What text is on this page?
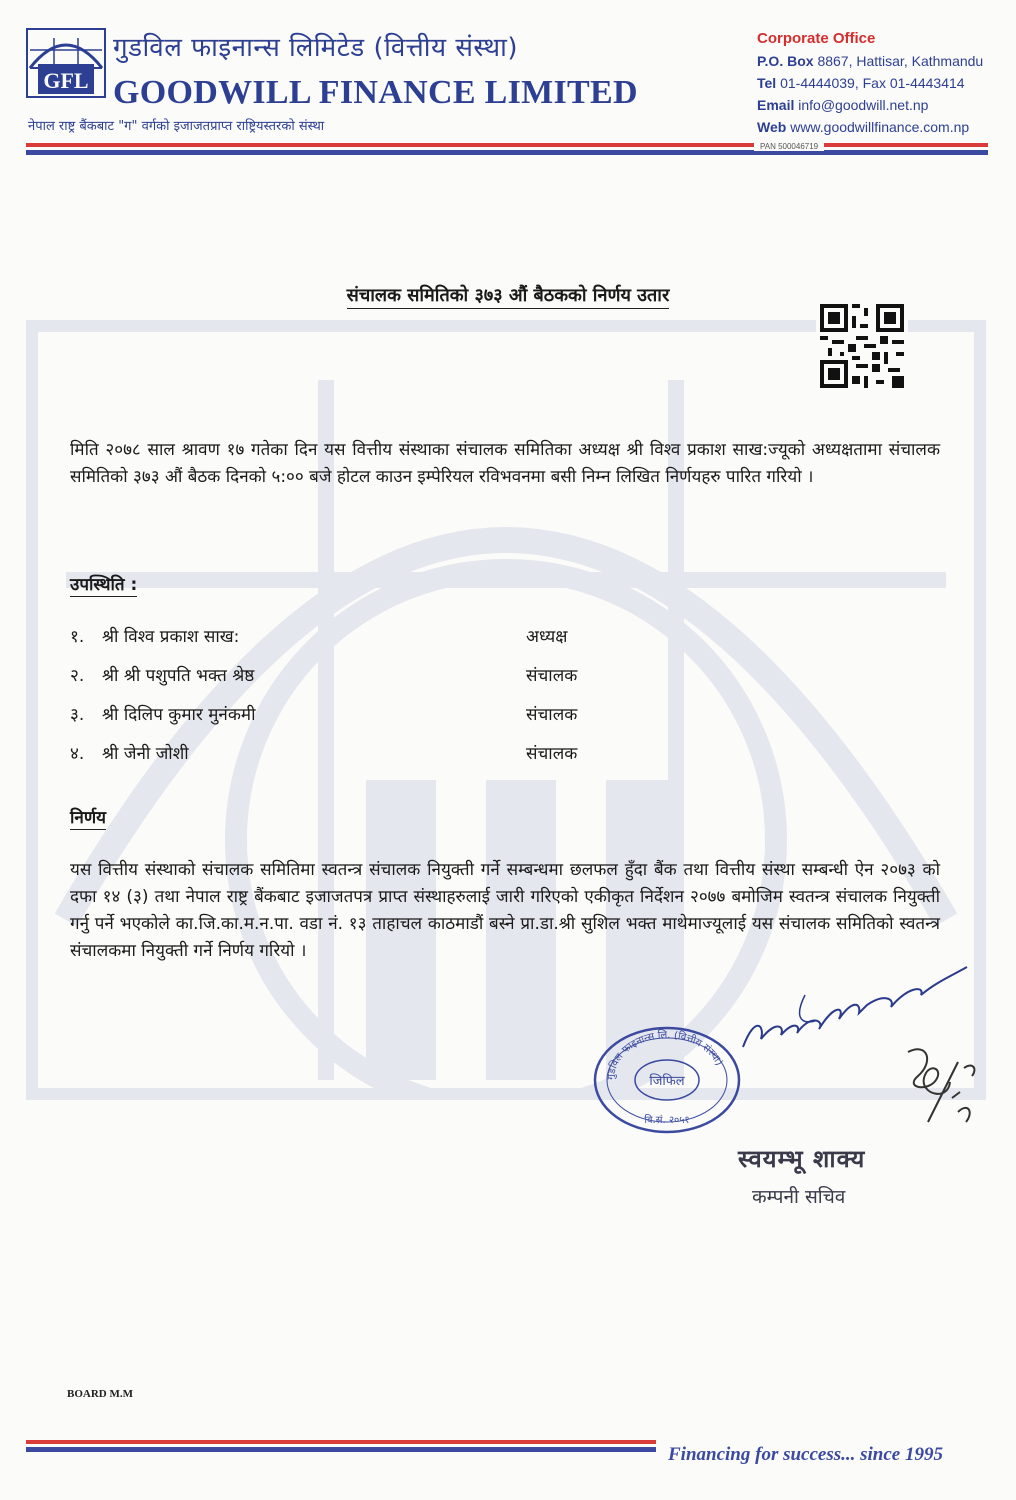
GFL
गुडविल फाइनान्स लिमिटेड (वित्तीय संस्था)
GOODWILL FINANCE LIMITED
नेपाल राष्ट्र बैंकबाट "ग" वर्गको इजाजतप्राप्त राष्ट्रियस्तरको संस्था
Corporate Office
P.O. Box 8867, Hattisar, Kathmandu
Tel 01-4444039, Fax 01-4443414
Email info@goodwill.net.np
Web www.goodwillfinance.com.np
PAN 500046719
संचालक समितिको ३७३ औं बैठकको निर्णय उतार
मिति २०७८ साल श्रावण १७ गतेका दिन यस वित्तीय संस्थाका संचालक समितिका अध्यक्ष श्री विश्व प्रकाश साख:ज्यूको अध्यक्षतामा संचालक समितिको ३७३ औं बैठक दिनको ५:०० बजे होटल काउन इम्पेरियल रविभवनमा बसी निम्न लिखित निर्णयहरु पारित गरियो ।
उपस्थिति :
१. श्री विश्व प्रकाश साख:	अध्यक्ष
२. श्री श्री पशुपति भक्त श्रेष्ठ	संचालक
३. श्री दिलिप कुमार मुनंकमी	संचालक
४. श्री जेनी जोशी	संचालक
निर्णय
यस वित्तीय संस्थाको संचालक समितिमा स्वतन्त्र संचालक नियुक्ती गर्ने सम्बन्धमा छलफल हुँदा बैंक तथा वित्तीय संस्था सम्बन्धी ऐन २०७३ को दफा १४ (३) तथा नेपाल राष्ट्र बैंकबाट इजाजतपत्र प्राप्त संस्थाहरुलाई जारी गरिएको एकीकृत निर्देशन २०७७ बमोजिम स्वतन्त्र संचालक नियुक्ती गर्नु पर्ने भएकोले का.जि.का.म.न.पा. वडा नं. १३ ताहाचल काठमाडौं बस्ने प्रा.डा.श्री सुशिल भक्त माथेमाज्यूलाई यस संचालक समितिको स्वतन्त्र संचालकमा नियुक्ती गर्ने निर्णय गरियो ।
गुडविल फाइनान्स लि. (वित्तीय संस्था)
जिफिल
वि.सं. २०५१
स्वयम्भू शाक्य
कम्पनी सचिव
BOARD M.M
Financing for success... since 1995
